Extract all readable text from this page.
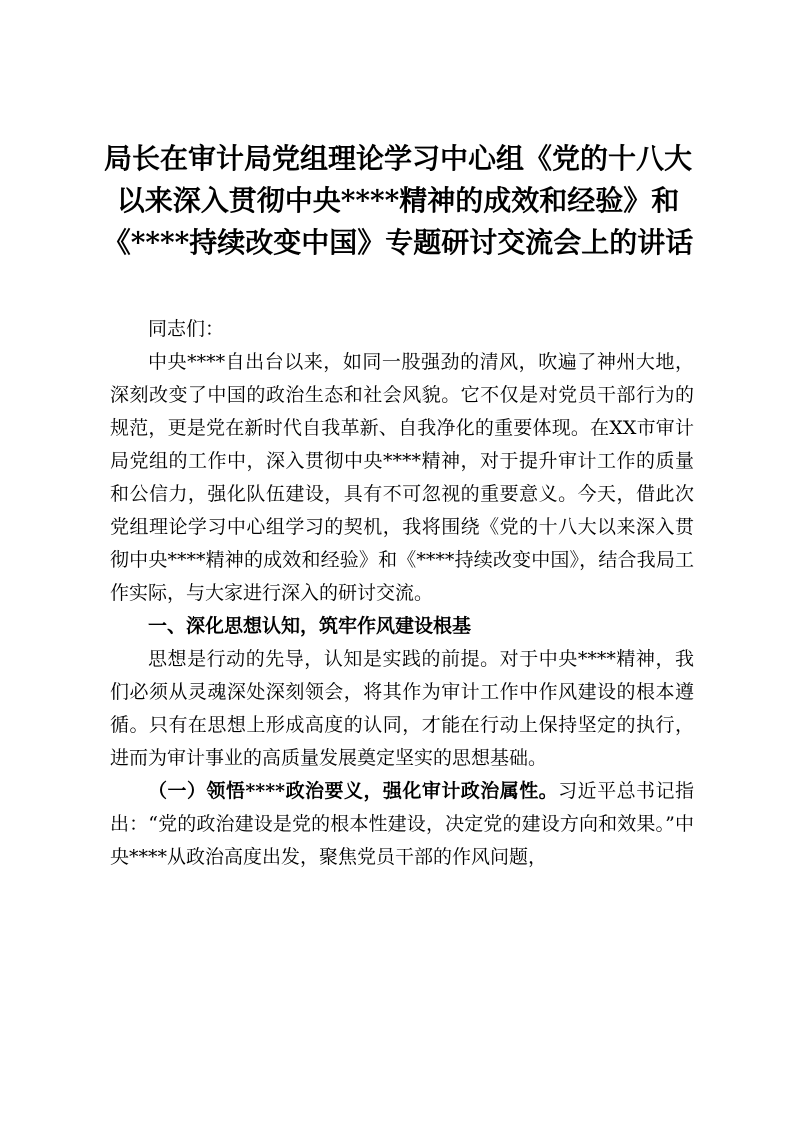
局长在审计局党组理论学习中心组《党的十八大以来深入贯彻中央****精神的成效和经验》和《****持续改变中国》专题研讨交流会上的讲话

同志们：

中央****自出台以来，如同一股强劲的清风，吹遍了神州大地，深刻改变了中国的政治生态和社会风貌。它不仅是对党员干部行为的规范，更是党在新时代自我革新、自我净化的重要体现。在XX市审计局党组的工作中，深入贯彻中央****精神，对于提升审计工作的质量和公信力，强化队伍建设，具有不可忽视的重要意义。今天，借此次党组理论学习中心组学习的契机，我将围绕《党的十八大以来深入贯彻中央****精神的成效和经验》和《****持续改变中国》，结合我局工作实际，与大家进行深入的研讨交流。

一、深化思想认知，筑牢作风建设根基

思想是行动的先导，认知是实践的前提。对于中央****精神，我们必须从灵魂深处深刻领会，将其作为审计工作中作风建设的根本遵循。只有在思想上形成高度的认同，才能在行动上保持坚定的执行，进而为审计事业的高质量发展奠定坚实的思想基础。

（一）领悟****政治要义，强化审计政治属性。习近平总书记指出：“党的政治建设是党的根本性建设，决定党的建设方向和效果。”中央****从政治高度出发，聚焦党员干部的作风问题，
